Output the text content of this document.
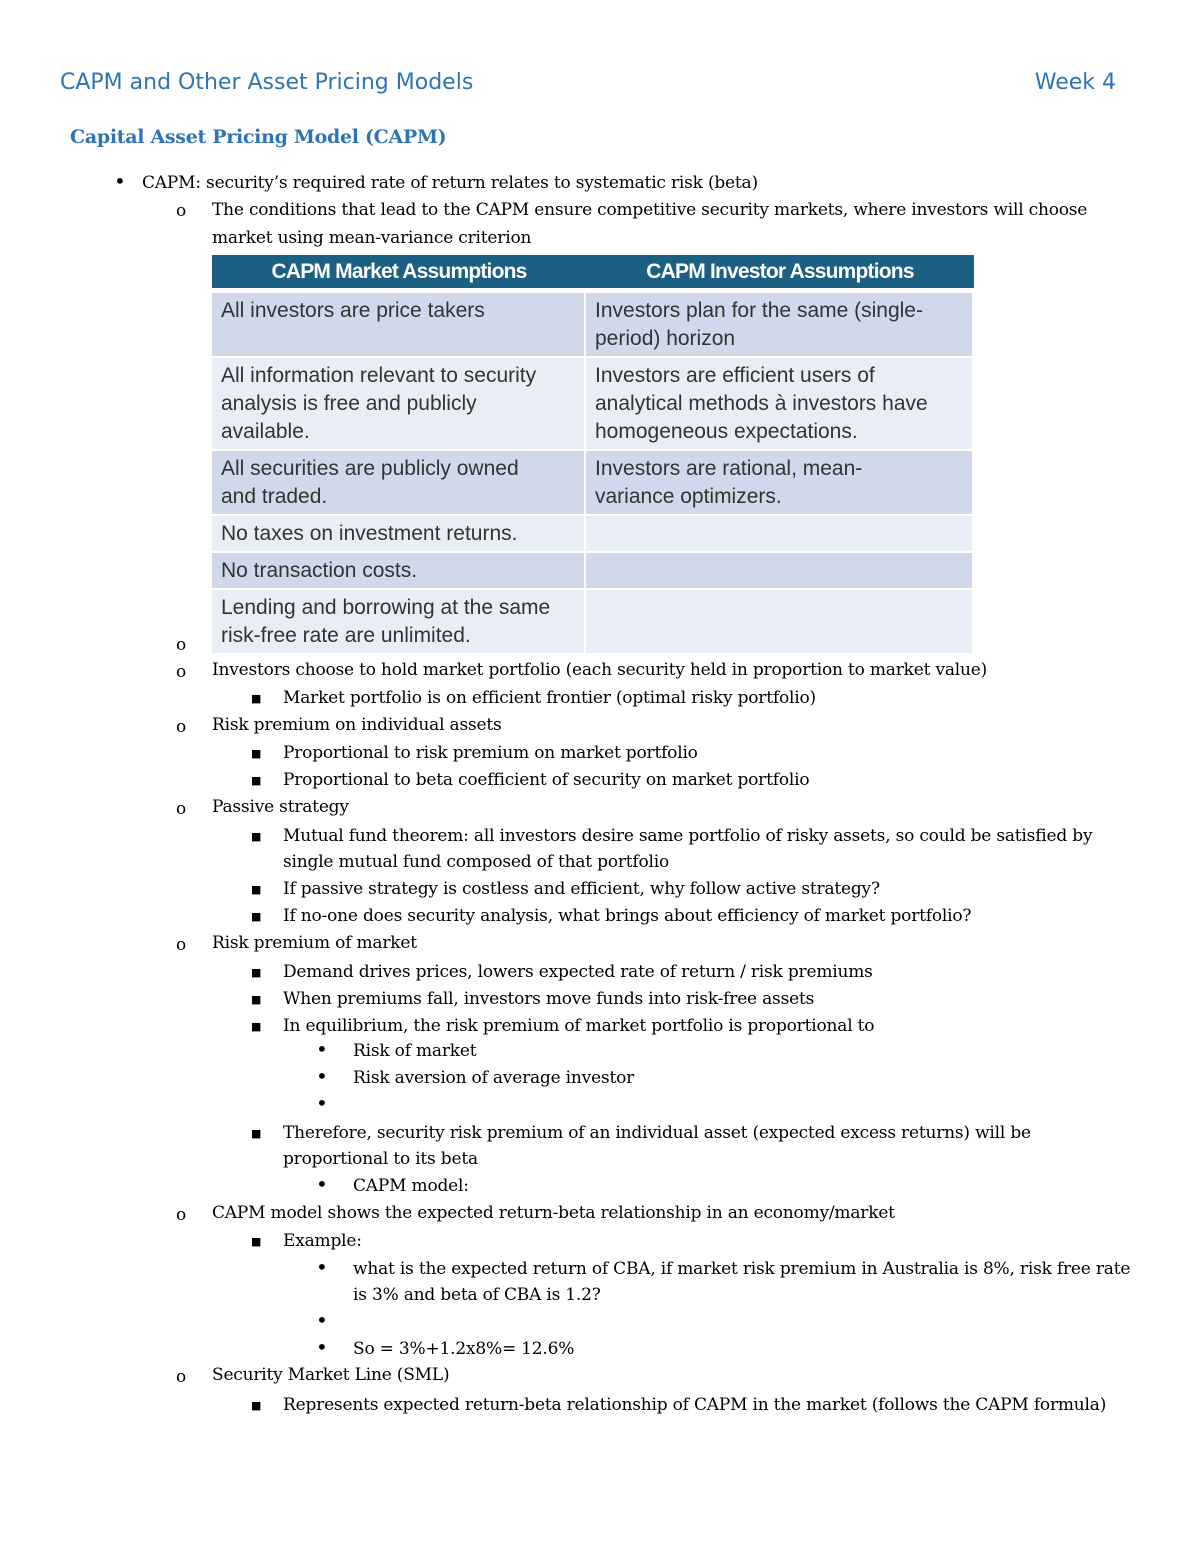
CAPM and Other Asset Pricing Models	Week 4
Capital Asset Pricing Model (CAPM)
• CAPM: security’s required rate of return relates to systematic risk (beta)
o The conditions that lead to the CAPM ensure competitive security markets, where investors will choose
market using mean-variance criterion
CAPM Market Assumptions	CAPM Investor Assumptions
All investors are price takers	Investors plan for the same (single-
period) horizon
All information relevant to security
analysis is free and publicly
available.	Investors are efficient users of
analytical methods à investors have
homogeneous expectations.
All securities are publicly owned
and traded.	Investors are rational, mean-
variance optimizers.
No taxes on investment returns.	
No transaction costs.	
Lending and borrowing at the same
risk-free rate are unlimited.	
o
o Investors choose to hold market portfolio (each security held in proportion to market value)
■ Market portfolio is on efficient frontier (optimal risky portfolio)
o Risk premium on individual assets
■ Proportional to risk premium on market portfolio
■ Proportional to beta coefficient of security on market portfolio
o Passive strategy
■ Mutual fund theorem: all investors desire same portfolio of risky assets, so could be satisfied by
single mutual fund composed of that portfolio
■ If passive strategy is costless and efficient, why follow active strategy?
■ If no-one does security analysis, what brings about efficiency of market portfolio?
o Risk premium of market
■ Demand drives prices, lowers expected rate of return / risk premiums
■ When premiums fall, investors move funds into risk-free assets
■ In equilibrium, the risk premium of market portfolio is proportional to
• Risk of market
• Risk aversion of average investor
•
■ Therefore, security risk premium of an individual asset (expected excess returns) will be
proportional to its beta
• CAPM model:
o CAPM model shows the expected return-beta relationship in an economy/market
■ Example:
• what is the expected return of CBA, if market risk premium in Australia is 8%, risk free rate
is 3% and beta of CBA is 1.2?
•
• So = 3%+1.2x8%= 12.6%
o Security Market Line (SML)
■ Represents expected return-beta relationship of CAPM in the market (follows the CAPM formula)
